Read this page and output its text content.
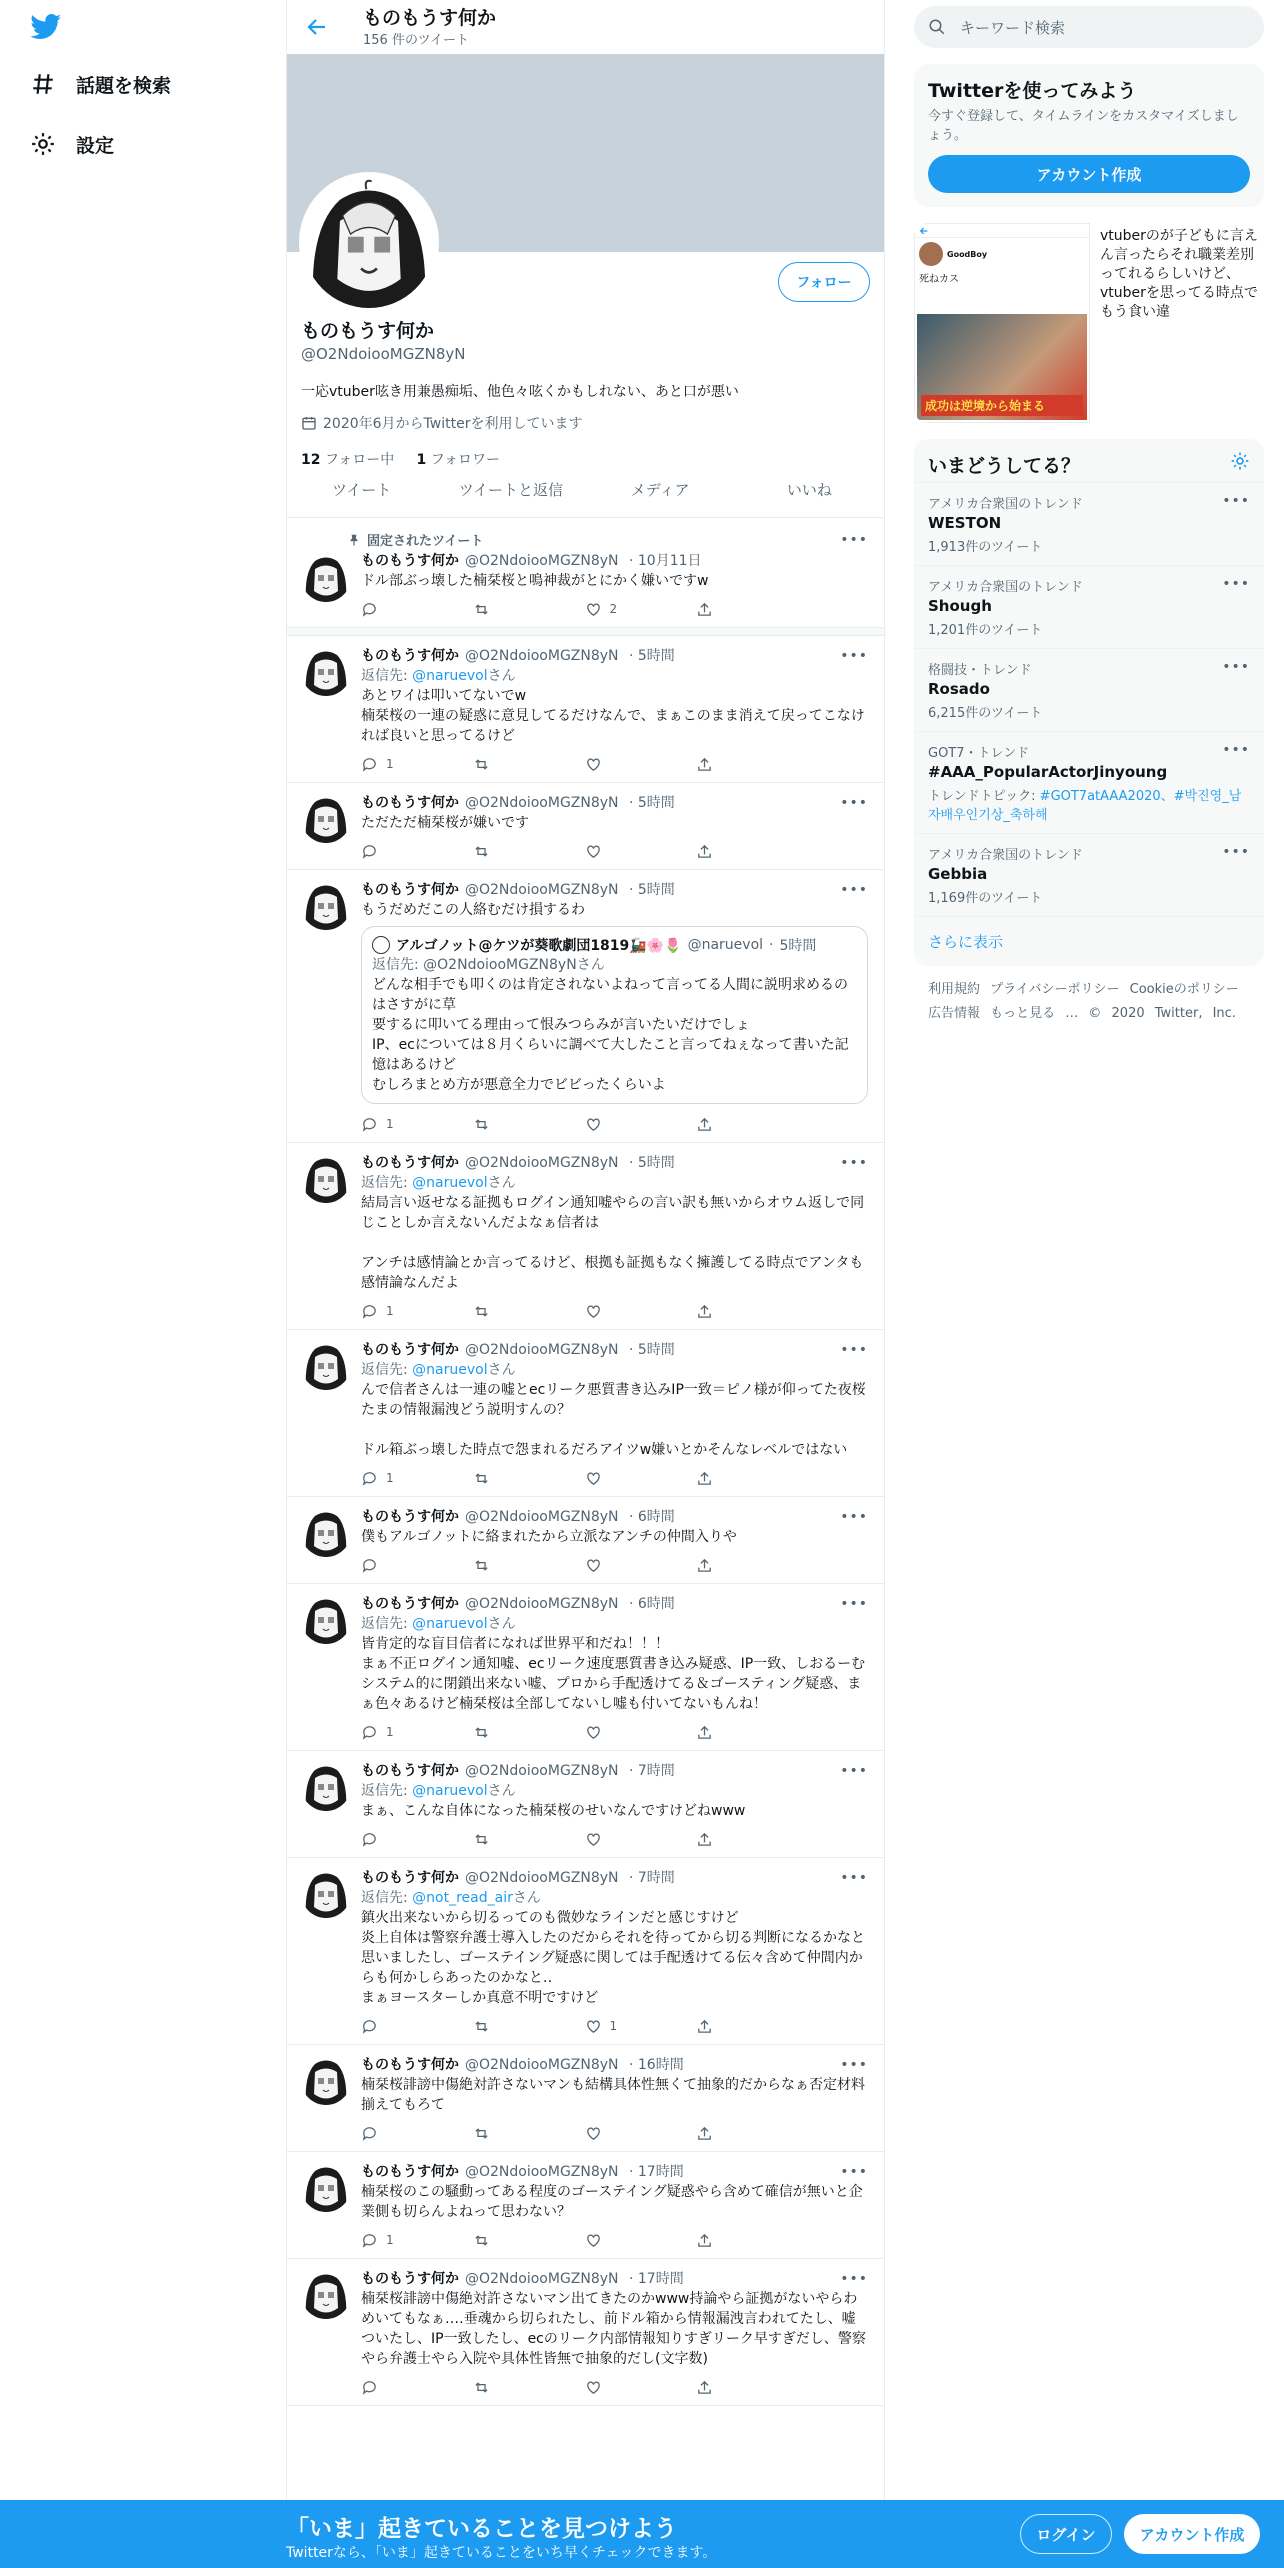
話題を検索
設定
ものもうす何か
156 件のツイート
フォロー
ものもうす何か
@O2NdoiooMGZN8yN
一応vtuber呟き用兼愚痴垢、他色々呟くかもしれない、あと口が悪い
2020年6月からTwitterを利用しています
12 フォロー中 1 フォロワー
ツイート	ツイートと返信	メディア	いいね
固定されたツイート	•••
ものもうす何か @O2NdoiooMGZN8yN · 10月11日
ドル部ぶっ壊した楠栞桜と鳴神裁がとにかく嫌いですw
2
•••
ものもうす何か @O2NdoiooMGZN8yN · 5時間
返信先: @naruevolさん
あとワイは叩いてないでw
楠栞桜の一連の疑惑に意見してるだけなんで、まぁこのまま消えて戻ってこなければ良いと思ってるけど
1
•••
ものもうす何か @O2NdoiooMGZN8yN · 5時間
ただただ楠栞桜が嫌いです
•••
ものもうす何か @O2NdoiooMGZN8yN · 5時間
もうだめだこの人絡むだけ損するわ
アルゴノット@ケツが葵歌劇団1819🚂🌸🌷 @naruevol · 5時間
返信先: @O2NdoiooMGZN8yNさん
どんな相手でも叩くのは肯定されないよねって言ってる人間に説明求めるのはさすがに草
要するに叩いてる理由って恨みつらみが言いたいだけでしょ
IP、ecについては８月くらいに調べて大したこと言ってねぇなって書いた記憶はあるけど
むしろまとめ方が悪意全力でビビったくらいよ
1
•••
ものもうす何か @O2NdoiooMGZN8yN · 5時間
返信先: @naruevolさん
結局言い返せなる証拠もログイン通知嘘やらの言い訳も無いからオウム返しで同じことしか言えないんだよなぁ信者は

アンチは感情論とか言ってるけど、根拠も証拠もなく擁護してる時点でアンタも感情論なんだよ
1
•••
ものもうす何か @O2NdoiooMGZN8yN · 5時間
返信先: @naruevolさん
んで信者さんは一連の嘘とecリーク悪質書き込みIP一致＝ピノ様が仰ってた夜桜たまの情報漏洩どう説明すんの？

ドル箱ぶっ壊した時点で怨まれるだろアイツw嫌いとかそんなレベルではない
1
•••
ものもうす何か @O2NdoiooMGZN8yN · 6時間
僕もアルゴノットに絡まれたから立派なアンチの仲間入りや
•••
ものもうす何か @O2NdoiooMGZN8yN · 6時間
返信先: @naruevolさん
皆肯定的な盲目信者になれば世界平和だね！！！
まぁ不正ログイン通知嘘、ecリーク速度悪質書き込み疑惑、IP一致、しおるーむシステム的に閉鎖出来ない嘘、プロから手配透けてる＆ゴースティング疑惑、まぁ色々あるけど楠栞桜は全部してないし嘘も付いてないもんね！
1
•••
ものもうす何か @O2NdoiooMGZN8yN · 7時間
返信先: @naruevolさん
まぁ、こんな自体になった楠栞桜のせいなんですけどねwww
•••
ものもうす何か @O2NdoiooMGZN8yN · 7時間
返信先: @not_read_airさん
鎮火出来ないから切るってのも微妙なラインだと感じすけど
炎上自体は警察弁護士導入したのだからそれを待ってから切る判断になるかなと思いましたし、ゴーステイング疑惑に関しては手配透けてる伝々含めて仲間内からも何かしらあったのかなと‥
まぁヨースターしか真意不明ですけど
1
•••
ものもうす何か @O2NdoiooMGZN8yN · 16時間
楠栞桜誹謗中傷絶対許さないマンも結構具体性無くて抽象的だからなぁ否定材料揃えてもろて
•••
ものもうす何か @O2NdoiooMGZN8yN · 17時間
楠栞桜のこの騒動ってある程度のゴーステイング疑惑やら含めて確信が無いと企業側も切らんよねって思わない？
1
•••
ものもうす何か @O2NdoiooMGZN8yN · 17時間
楠栞桜誹謗中傷絶対許さないマン出てきたのかwww持論やら証拠がないやらわめいてもなぁ‥‥垂魂から切られたし、前ドル箱から情報漏洩言われてたし、嘘ついたし、IP一致したし、ecのリーク内部情報知りすぎリーク早すぎだし、警察やら弁護士やら入院や具体性皆無で抽象的だし(文字数)
キーワード検索
Twitterを使ってみよう
今すぐ登録して、タイムラインをカスタマイズしましょう。
アカウント作成
GoodBoy
死ねカス
成功は逆境から始まる
vtuberのが子どもに言えん言ったらそれ職業差別ってれるらしいけど、vtuberを思ってる時点でもう食い違
いまどうしてる？
•••
アメリカ合衆国のトレンド
WESTON
1,913件のツイート
•••
アメリカ合衆国のトレンド
Shough
1,201件のツイート
•••
格闘技・トレンド
Rosado
6,215件のツイート
•••
GOT7・トレンド
#AAA_PopularActorJinyoung
トレンドトピック: #GOT7atAAA2020、#박진영_남자배우인기상_축하해
•••
アメリカ合衆国のトレンド
Gebbia
1,169件のツイート
さらに表示
利用規約 プライバシーポリシー Cookieのポリシー 広告情報 もっと見る … © 2020 Twitter, Inc.
「いま」起きていることを見つけよう
Twitterなら、「いま」起きていることをいち早くチェックできます。
ログイン	アカウント作成
